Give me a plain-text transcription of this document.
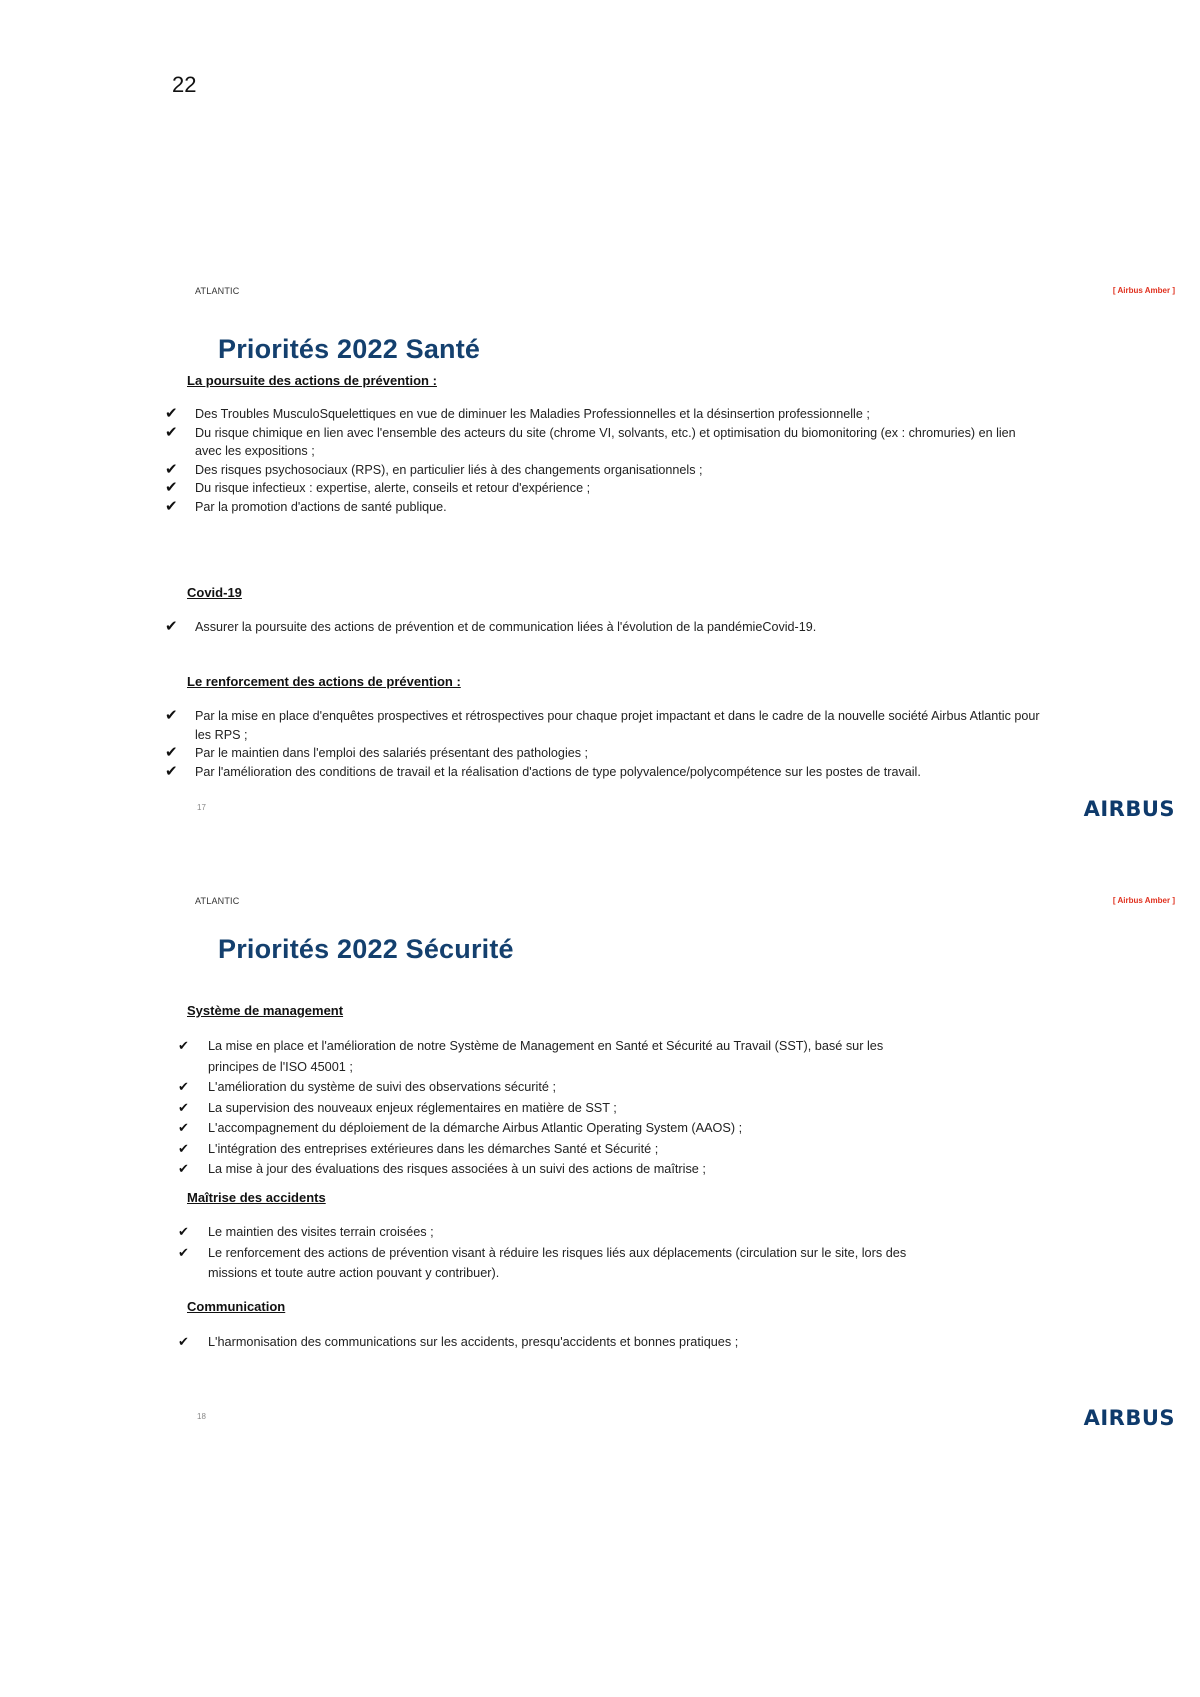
22
ATLANTIC	[ Airbus Amber ]
Priorités 2022 Santé
La poursuite des actions de prévention :
✔ Des Troubles MusculoSquelettiques en vue de diminuer les Maladies Professionnelles et la désinsertion professionnelle ;
✔ Du risque chimique en lien avec l'ensemble des acteurs du site (chrome VI, solvants, etc.) et optimisation du biomonitoring (ex : chromuries) en lien avec les expositions ;
✔ Des risques psychosociaux (RPS), en particulier liés à des changements organisationnels ;
✔ Du risque infectieux : expertise, alerte, conseils et retour d'expérience ;
✔ Par la promotion d'actions de santé publique.
Covid-19
✔ Assurer la poursuite des actions de prévention et de communication liées à l'évolution de la pandémieCovid-19.
Le renforcement des actions de prévention :
✔ Par la mise en place d'enquêtes prospectives et rétrospectives pour chaque projet impactant et dans le cadre de la nouvelle société Airbus Atlantic pour les RPS ;
✔ Par le maintien dans l'emploi des salariés présentant des pathologies ;
✔ Par l'amélioration des conditions de travail et la réalisation d'actions de type polyvalence/polycompétence sur les postes de travail.
17	AIRBUS
ATLANTIC	[ Airbus Amber ]
Priorités 2022 Sécurité
Système de management
✔ La mise en place et l'amélioration de notre Système de Management en Santé et Sécurité au Travail (SST), basé sur les principes de l'ISO 45001 ;
✔ L'amélioration du système de suivi des observations sécurité ;
✔ La supervision des nouveaux enjeux réglementaires en matière de SST ;
✔ L'accompagnement du déploiement de la démarche Airbus Atlantic Operating System (AAOS) ;
✔ L'intégration des entreprises extérieures dans les démarches Santé et Sécurité ;
✔ La mise à jour des évaluations des risques associées à un suivi des actions de maîtrise ;
Maîtrise des accidents
✔ Le maintien des visites terrain croisées ;
✔ Le renforcement des actions de prévention visant à réduire les risques liés aux déplacements (circulation sur le site, lors des missions et toute autre action pouvant y contribuer).
Communication
✔ L'harmonisation des communications sur les accidents, presqu'accidents et bonnes pratiques ;
18	AIRBUS
